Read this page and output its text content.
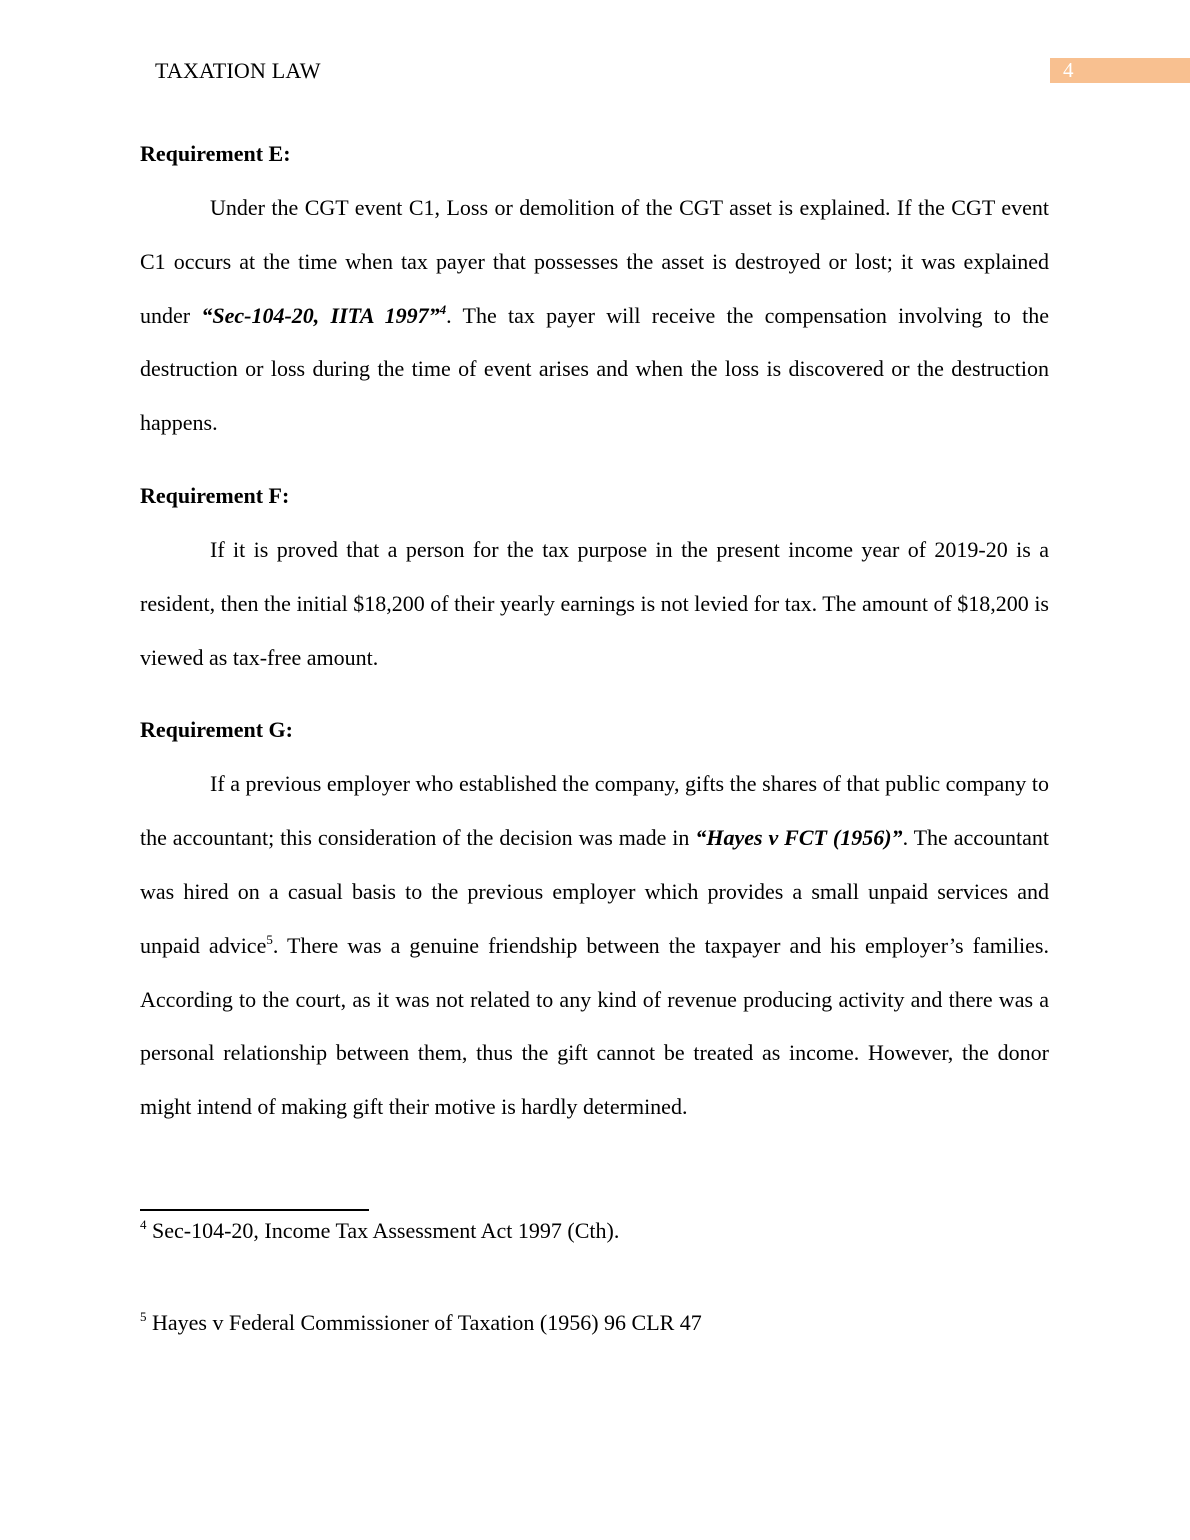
TAXATION LAW	4

Requirement E:

Under the CGT event C1, Loss or demolition of the CGT asset is explained. If the CGT event C1 occurs at the time when tax payer that possesses the asset is destroyed or lost; it was explained under “Sec-104-20, IITA 1997”$^4$. The tax payer will receive the compensation involving to the destruction or loss during the time of event arises and when the loss is discovered or the destruction happens.

Requirement F:

If it is proved that a person for the tax purpose in the present income year of 2019-20 is a resident, then the initial $18,200 of their yearly earnings is not levied for tax. The amount of $18,200 is viewed as tax-free amount.

Requirement G:

If a previous employer who established the company, gifts the shares of that public company to the accountant; this consideration of the decision was made in “Hayes v FCT (1956)”. The accountant was hired on a casual basis to the previous employer which provides a small unpaid services and unpaid advice$^5$. There was a genuine friendship between the taxpayer and his employer’s families. According to the court, as it was not related to any kind of revenue producing activity and there was a personal relationship between them, thus the gift cannot be treated as income. However, the donor might intend of making gift their motive is hardly determined.

$^4$ Sec-104-20, Income Tax Assessment Act 1997 (Cth).
$^5$ Hayes v Federal Commissioner of Taxation (1956) 96 CLR 47
